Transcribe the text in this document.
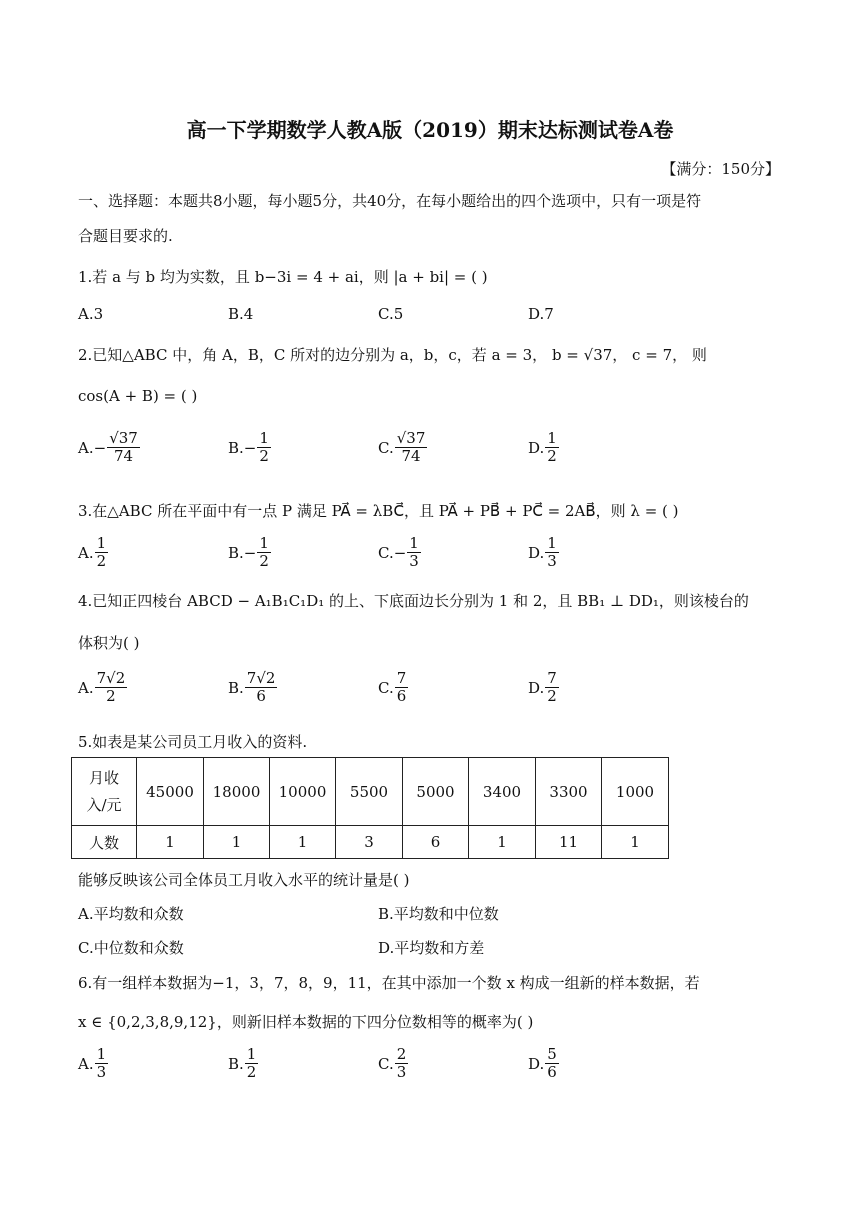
高一下学期数学人教A版（2019）期末达标测试卷A卷
【满分：150分】
一、选择题：本题共8小题，每小题5分，共40分，在每小题给出的四个选项中，只有一项是符
合题目要求的.
1.若 a 与 b 均为实数，且 b−3i = 4 + ai，则 |a + bi| = ( )
A.3	B.4	C.5	D.7
2.已知△ABC 中，角 A，B，C 所对的边分别为 a，b，c，若 a = 3， b = √37， c = 7， 则
cos(A + B) = ( )
$A.- \frac{√37}{74}$	$B.- \frac{1}{2}$	C. $\frac{√37}{74}$	D. $\frac{1}{2}$
3.在△ABC 所在平面中有一点 P 满足 PA⃗ = λBC⃗，且 PA⃗ + PB⃗ + PC⃗ = 2AB⃗，则 λ = ( )
A. $\frac{1}{2}$	$B.- \frac{1}{2}$	$C.- \frac{1}{3}$	D. $\frac{1}{3}$
4.已知正四棱台 ABCD − A₁B₁C₁D₁ 的上、下底面边长分别为 1 和 2，且 BB₁ ⊥ DD₁，则该棱台的
体积为( )
A. $\frac{7√2}{2}$	B. $\frac{7√2}{6}$	C. $\frac{7}{6}$	D. $\frac{7}{2}$
5.如表是某公司员工月收入的资料.
月收
入/元	45000	18000	10000	5500	5000	3400	3300	1000
人数	1	1	1	3	6	1	11	1
能够反映该公司全体员工月收入水平的统计量是( )
A.平均数和众数	B.平均数和中位数
C.中位数和众数	D.平均数和方差
6.有一组样本数据为−1，3，7，8，9，11，在其中添加一个数 x 构成一组新的样本数据，若
x ∈ {0,2,3,8,9,12}，则新旧样本数据的下四分位数相等的概率为( )
A. $\frac{1}{3}$	B. $\frac{1}{2}$	C. $\frac{2}{3}$	D. $\frac{5}{6}$
